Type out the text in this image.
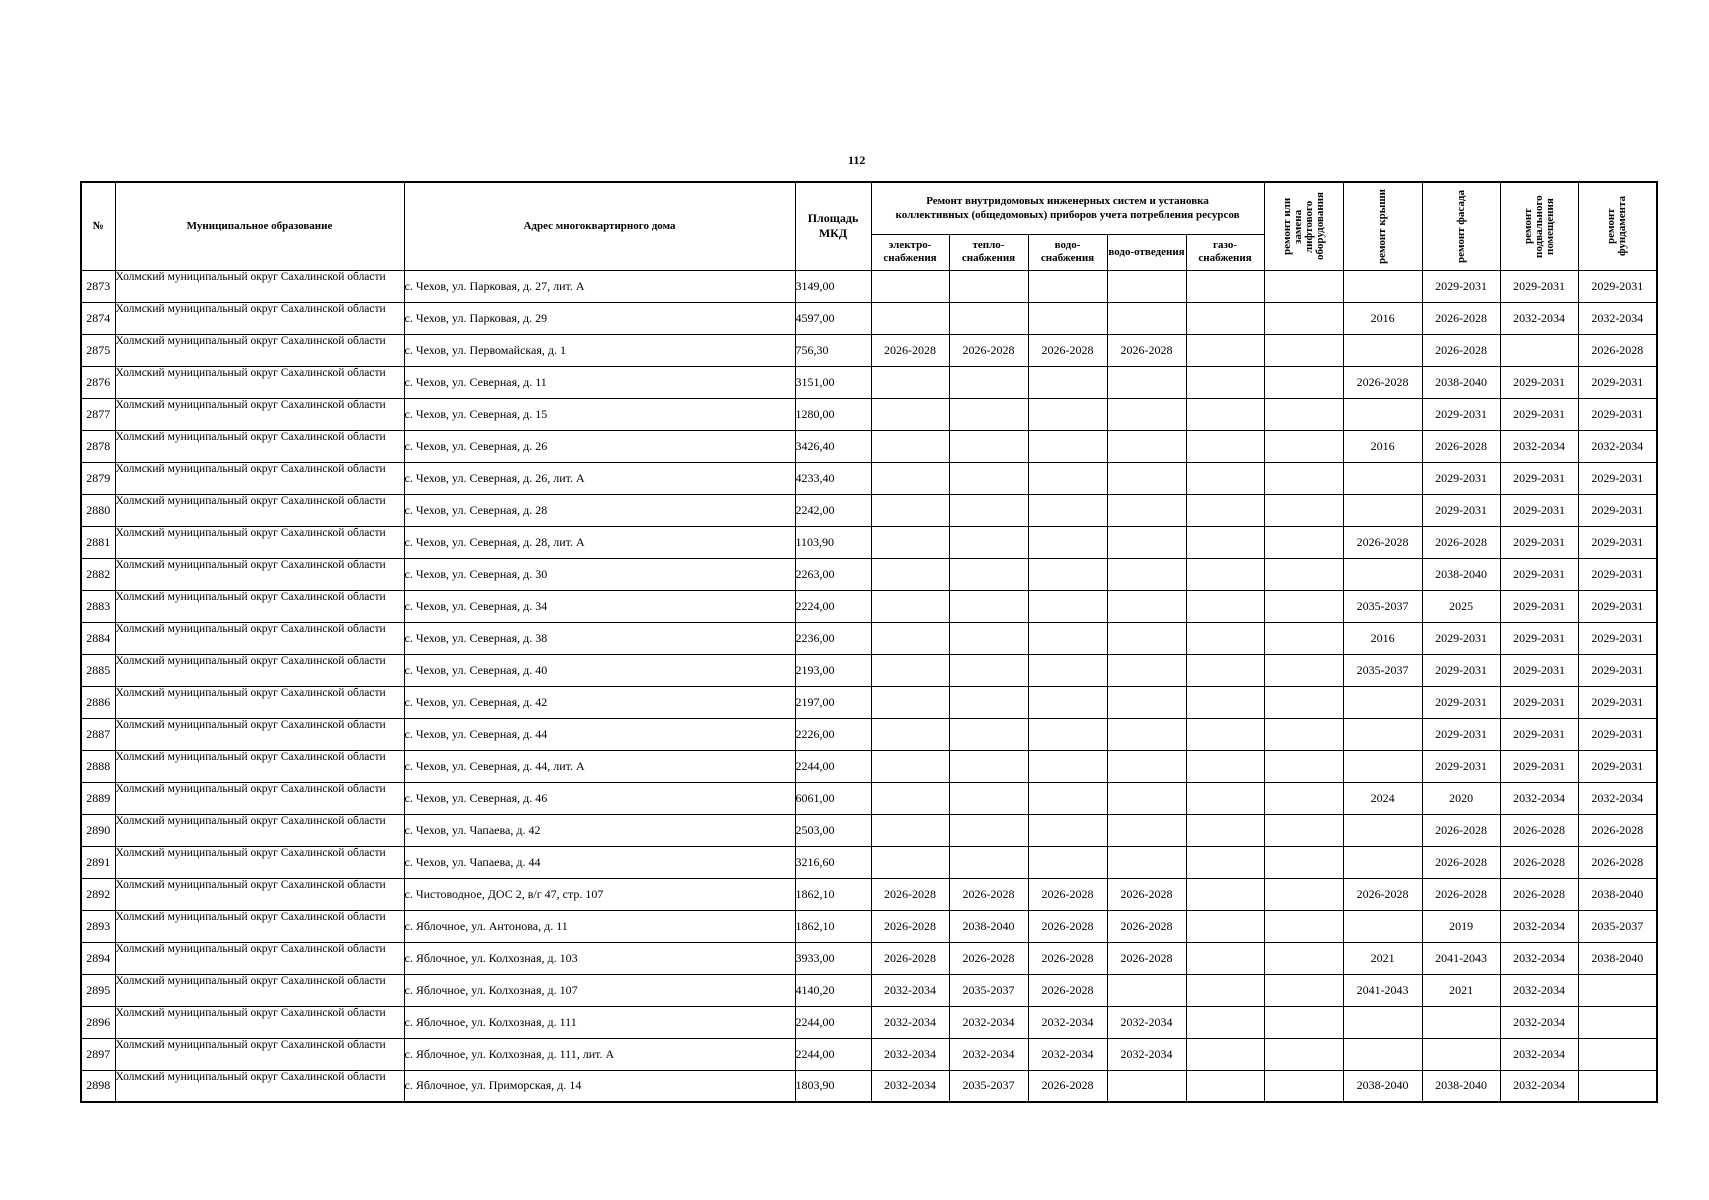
112
№	Муниципальное образование	Адрес многоквартирного дома	Площадь МКД	Ремонт внутридомовых инженерных систем и установка коллективных (общедомовых) приборов учета потребления ресурсов					ремонт или замена лифтового оборудования	ремонт крыши	ремонт фасада	ремонт подвального помещения	ремонт фундамента

				электро-снабжения	тепло-снабжения	водо-снабжения	водо-отведения	газо-снабжения					
2873	Холмский муниципальный округ Сахалинской области	с. Чехов, ул. Парковая, д. 27, лит. А	3149,00								2029-2031	2029-2031	2029-2031
2874	Холмский муниципальный округ Сахалинской области	с. Чехов, ул. Парковая, д. 29	4597,00							2016	2026-2028	2032-2034	2032-2034
2875	Холмский муниципальный округ Сахалинской области	с. Чехов, ул. Первомайская, д. 1	756,30	2026-2028	2026-2028	2026-2028	2026-2028				2026-2028		2026-2028
2876	Холмский муниципальный округ Сахалинской области	с. Чехов, ул. Северная, д. 11	3151,00							2026-2028	2038-2040	2029-2031	2029-2031
2877	Холмский муниципальный округ Сахалинской области	с. Чехов, ул. Северная, д. 15	1280,00								2029-2031	2029-2031	2029-2031
2878	Холмский муниципальный округ Сахалинской области	с. Чехов, ул. Северная, д. 26	3426,40							2016	2026-2028	2032-2034	2032-2034
2879	Холмский муниципальный округ Сахалинской области	с. Чехов, ул. Северная, д. 26, лит. А	4233,40								2029-2031	2029-2031	2029-2031
2880	Холмский муниципальный округ Сахалинской области	с. Чехов, ул. Северная, д. 28	2242,00								2029-2031	2029-2031	2029-2031
2881	Холмский муниципальный округ Сахалинской области	с. Чехов, ул. Северная, д. 28, лит. А	1103,90							2026-2028	2026-2028	2029-2031	2029-2031
2882	Холмский муниципальный округ Сахалинской области	с. Чехов, ул. Северная, д. 30	2263,00								2038-2040	2029-2031	2029-2031
2883	Холмский муниципальный округ Сахалинской области	с. Чехов, ул. Северная, д. 34	2224,00							2035-2037	2025	2029-2031	2029-2031
2884	Холмский муниципальный округ Сахалинской области	с. Чехов, ул. Северная, д. 38	2236,00							2016	2029-2031	2029-2031	2029-2031
2885	Холмский муниципальный округ Сахалинской области	с. Чехов, ул. Северная, д. 40	2193,00							2035-2037	2029-2031	2029-2031	2029-2031
2886	Холмский муниципальный округ Сахалинской области	с. Чехов, ул. Северная, д. 42	2197,00								2029-2031	2029-2031	2029-2031
2887	Холмский муниципальный округ Сахалинской области	с. Чехов, ул. Северная, д. 44	2226,00								2029-2031	2029-2031	2029-2031
2888	Холмский муниципальный округ Сахалинской области	с. Чехов, ул. Северная, д. 44, лит. А	2244,00								2029-2031	2029-2031	2029-2031
2889	Холмский муниципальный округ Сахалинской области	с. Чехов, ул. Северная, д. 46	6061,00							2024	2020	2032-2034	2032-2034
2890	Холмский муниципальный округ Сахалинской области	с. Чехов, ул. Чапаева, д. 42	2503,00								2026-2028	2026-2028	2026-2028
2891	Холмский муниципальный округ Сахалинской области	с. Чехов, ул. Чапаева, д. 44	3216,60								2026-2028	2026-2028	2026-2028
2892	Холмский муниципальный округ Сахалинской области	с. Чистоводное, ДОС 2, в/г 47, стр. 107	1862,10	2026-2028	2026-2028	2026-2028	2026-2028			2026-2028	2026-2028	2026-2028	2038-2040
2893	Холмский муниципальный округ Сахалинской области	с. Яблочное, ул. Антонова, д. 11	1862,10	2026-2028	2038-2040	2026-2028	2026-2028				2019	2032-2034	2035-2037
2894	Холмский муниципальный округ Сахалинской области	с. Яблочное, ул. Колхозная, д. 103	3933,00	2026-2028	2026-2028	2026-2028	2026-2028			2021	2041-2043	2032-2034	2038-2040
2895	Холмский муниципальный округ Сахалинской области	с. Яблочное, ул. Колхозная, д. 107	4140,20	2032-2034	2035-2037	2026-2028				2041-2043	2021	2032-2034	
2896	Холмский муниципальный округ Сахалинской области	с. Яблочное, ул. Колхозная, д. 111	2244,00	2032-2034	2032-2034	2032-2034	2032-2034					2032-2034	
2897	Холмский муниципальный округ Сахалинской области	с. Яблочное, ул. Колхозная, д. 111, лит. А	2244,00	2032-2034	2032-2034	2032-2034	2032-2034					2032-2034	
2898	Холмский муниципальный округ Сахалинской области	с. Яблочное, ул. Приморская, д. 14	1803,90	2032-2034	2035-2037	2026-2028				2038-2040	2038-2040	2032-2034	
